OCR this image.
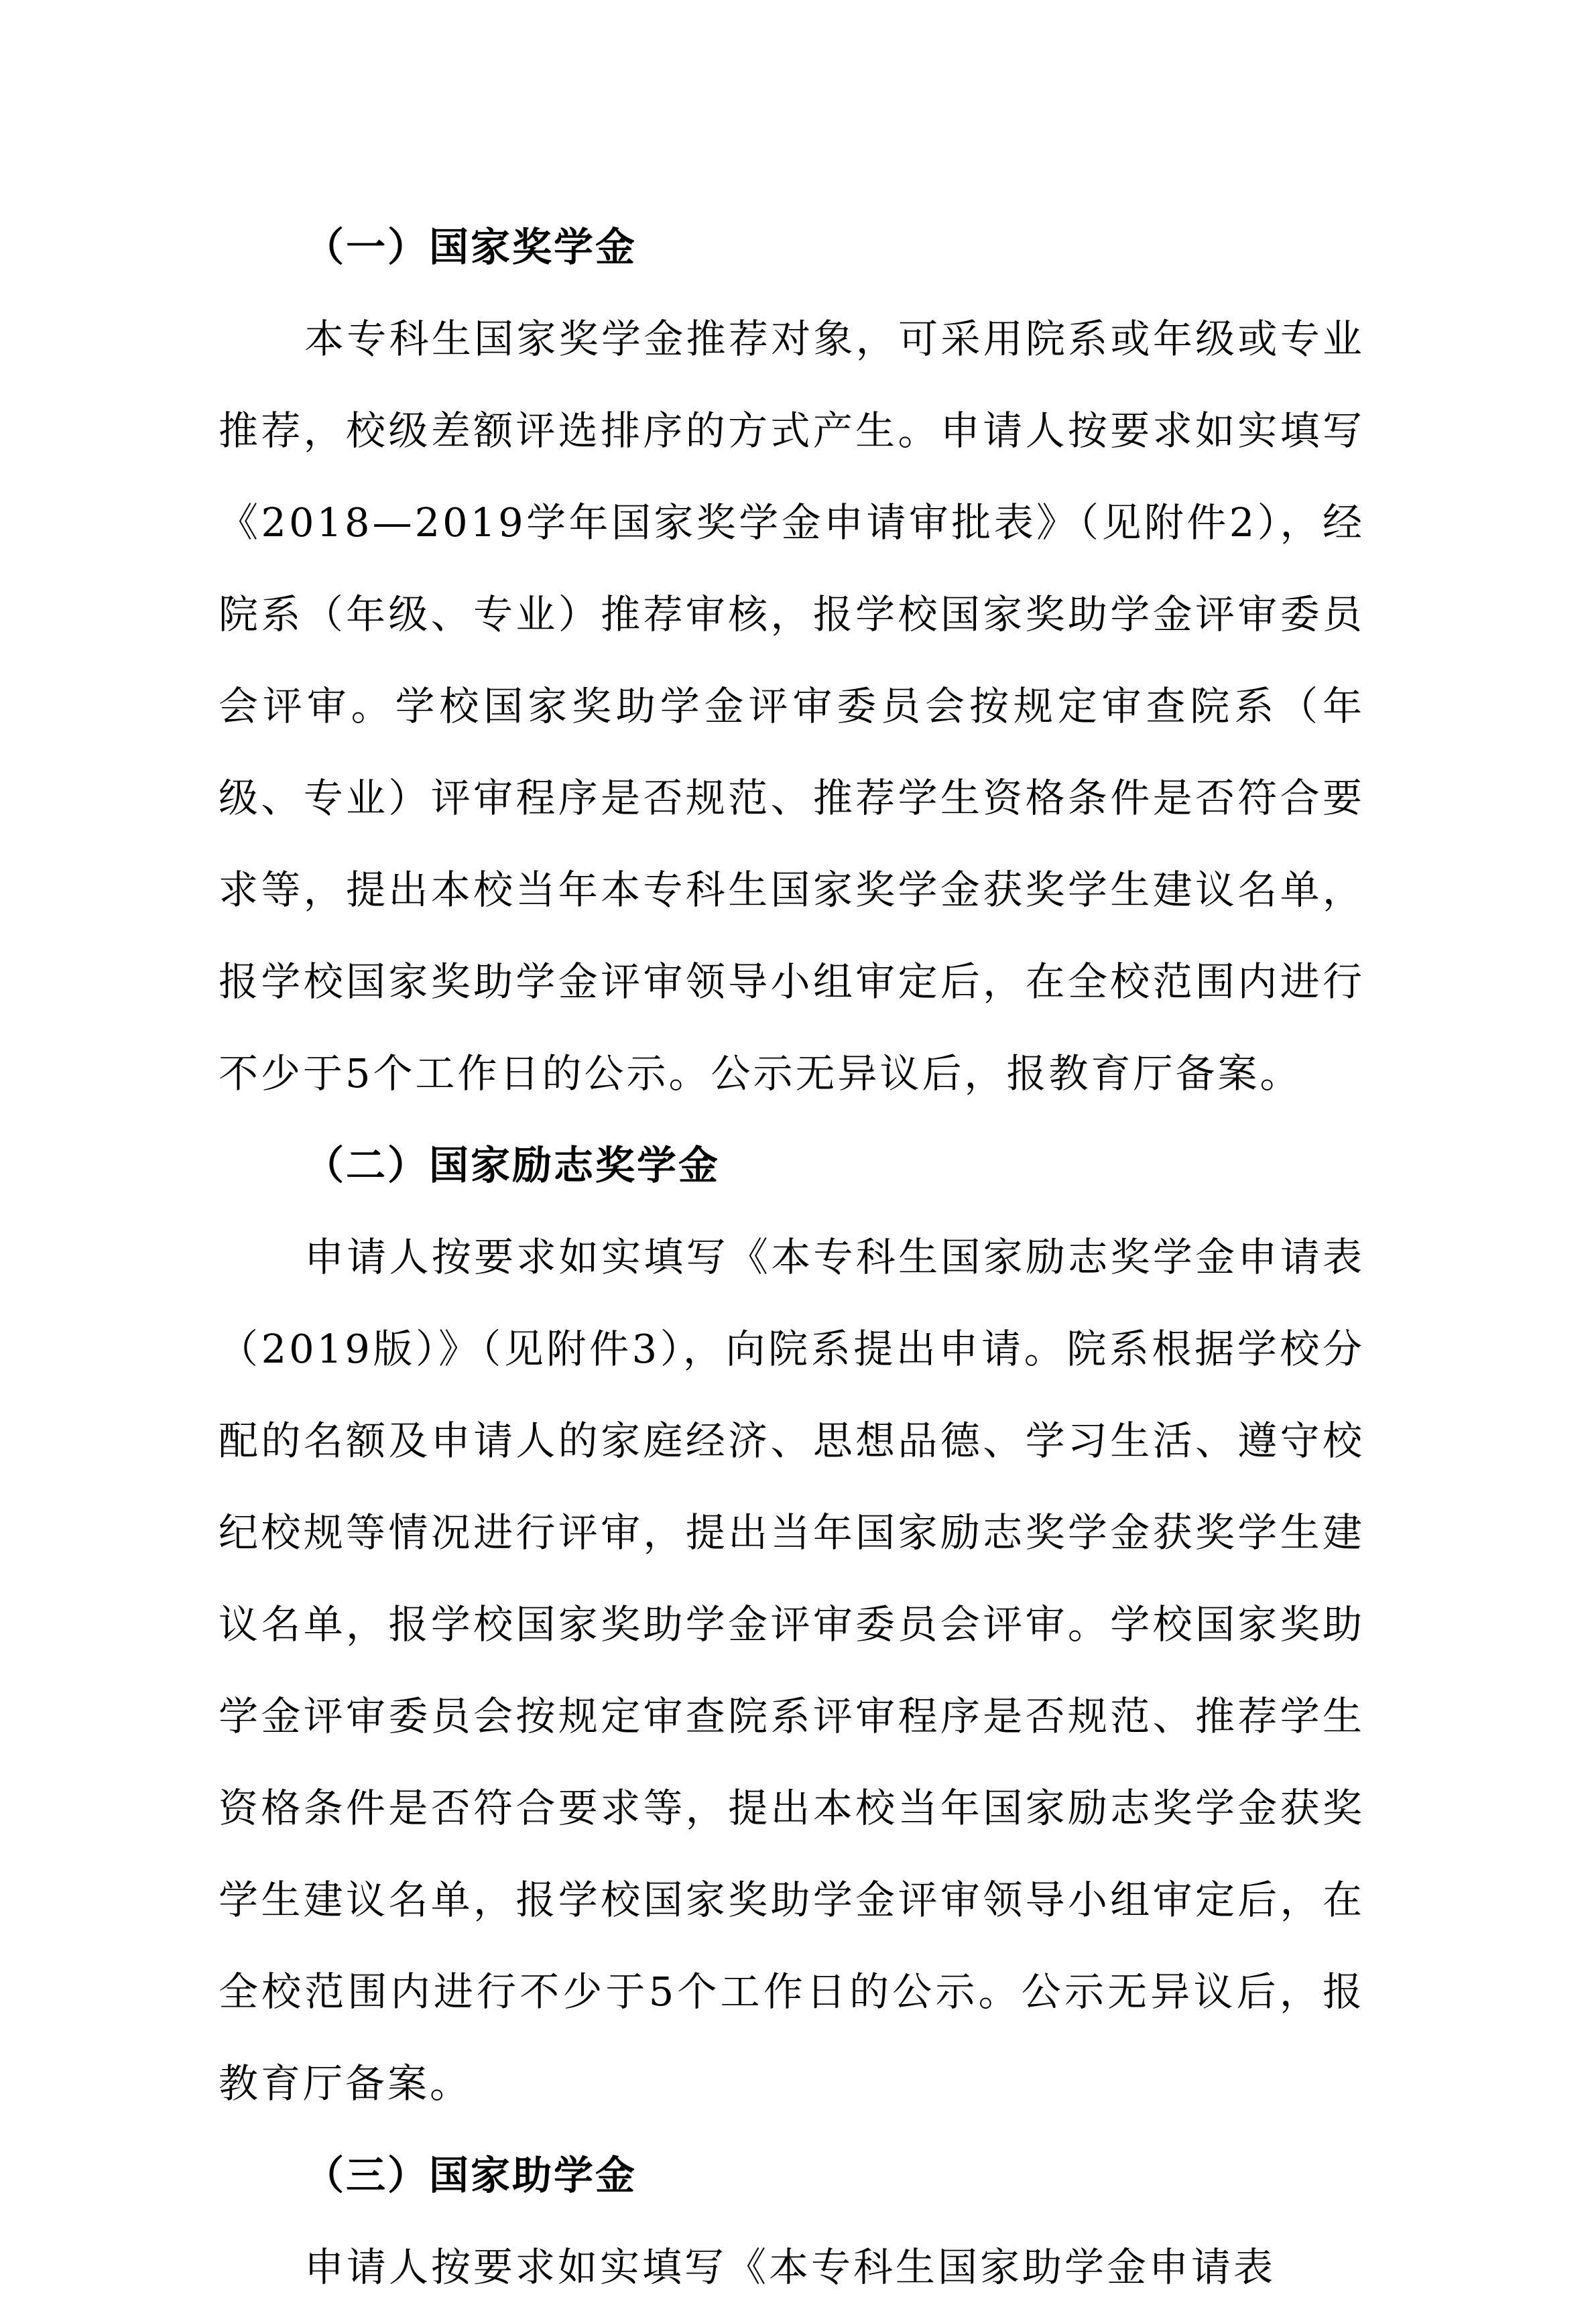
（一）国家奖学金

本专科生国家奖学金推荐对象，可采用院系或年级或专业推荐，校级差额评选排序的方式产生。申请人按要求如实填写《2018—2019学年国家奖学金申请审批表》（见附件2），经院系（年级、专业）推荐审核，报学校国家奖助学金评审委员会评审。学校国家奖助学金评审委员会按规定审查院系（年级、专业）评审程序是否规范、推荐学生资格条件是否符合要求等，提出本校当年本专科生国家奖学金获奖学生建议名单，报学校国家奖助学金评审领导小组审定后，在全校范围内进行不少于5个工作日的公示。公示无异议后，报教育厅备案。

（二）国家励志奖学金

申请人按要求如实填写《本专科生国家励志奖学金申请表（2019版）》（见附件3），向院系提出申请。院系根据学校分配的名额及申请人的家庭经济、思想品德、学习生活、遵守校纪校规等情况进行评审，提出当年国家励志奖学金获奖学生建议名单，报学校国家奖助学金评审委员会评审。学校国家奖助学金评审委员会按规定审查院系评审程序是否规范、推荐学生资格条件是否符合要求等，提出本校当年国家励志奖学金获奖学生建议名单，报学校国家奖助学金评审领导小组审定后，在全校范围内进行不少于5个工作日的公示。公示无异议后，报教育厅备案。

（三）国家助学金

申请人按要求如实填写《本专科生国家助学金申请表
